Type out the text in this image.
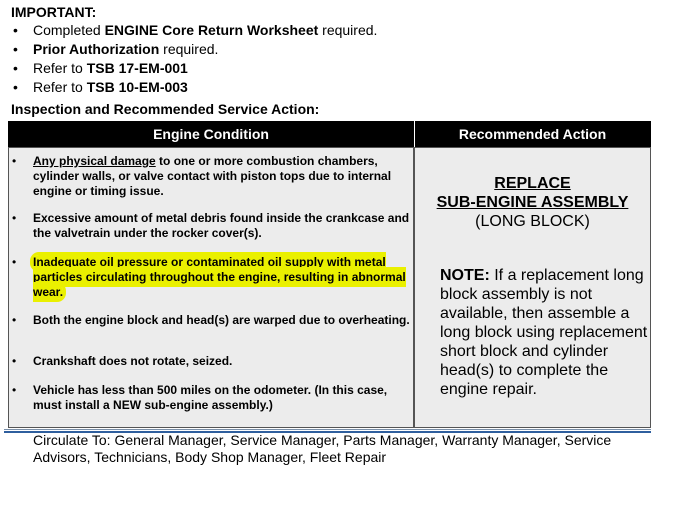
IMPORTANT:
• Completed ENGINE Core Return Worksheet required.
• Prior Authorization required.
• Refer to TSB 17-EM-001
• Refer to TSB 10-EM-003
Inspection and Recommended Service Action:
Engine Condition	Recommended Action
• Any physical damage to one or more combustion chambers, cylinder walls, or valve contact with piston tops due to internal engine or timing issue.
• Excessive amount of metal debris found inside the crankcase and the valvetrain under the rocker cover(s).
• Inadequate oil pressure or contaminated oil supply with metal particles circulating throughout the engine, resulting in abnormal wear.
• Both the engine block and head(s) are warped due to overheating.
• Crankshaft does not rotate, seized.
• Vehicle has less than 500 miles on the odometer. (In this case, must install a NEW sub-engine assembly.)
REPLACE
SUB-ENGINE ASSEMBLY
(LONG BLOCK)
NOTE: If a replacement long block assembly is not available, then assemble a long block using replacement short block and cylinder head(s) to complete the engine repair.
Circulate To: General Manager, Service Manager, Parts Manager, Warranty Manager, Service Advisors, Technicians, Body Shop Manager, Fleet Repair
